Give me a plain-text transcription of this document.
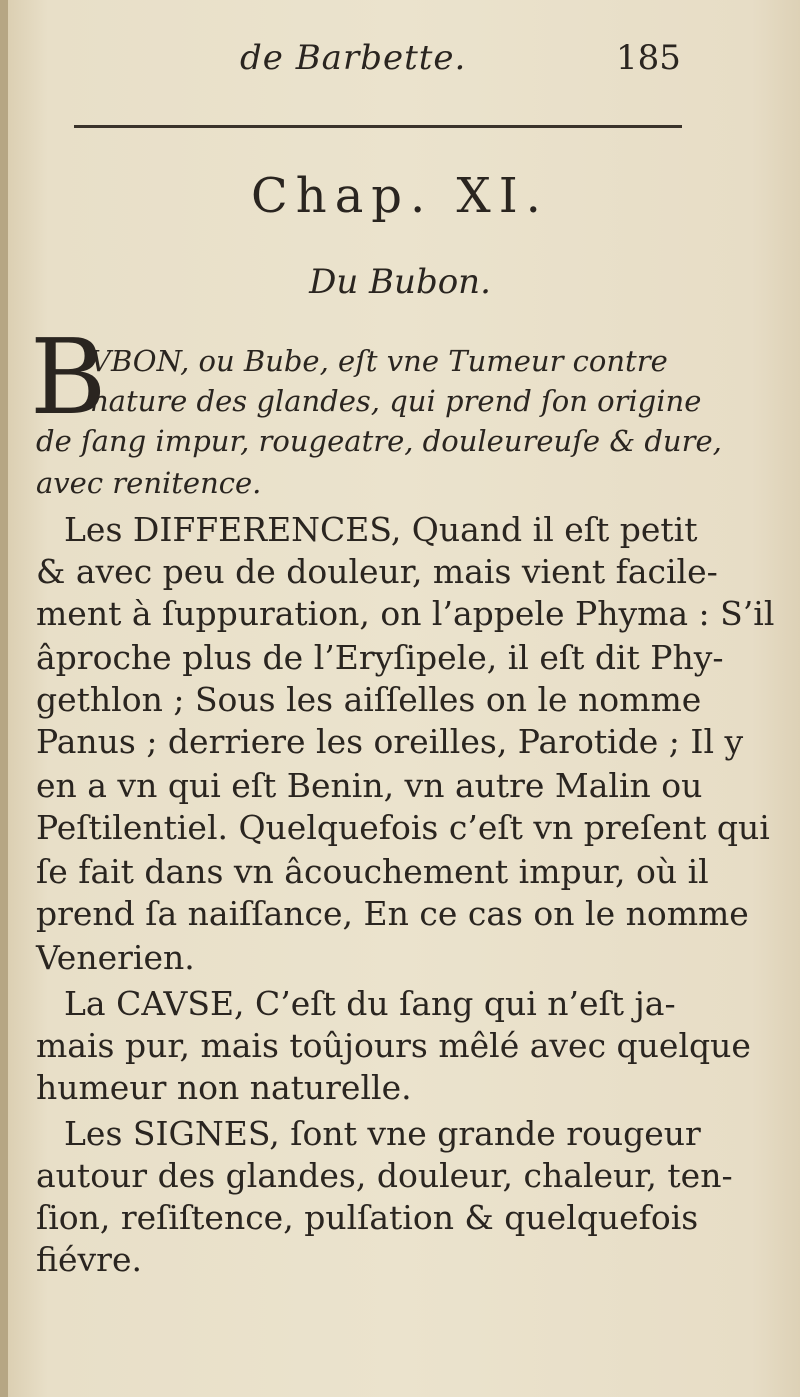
de Barbette.	185
Chap. XI.
Du Bubon.
B
VBON, ou Bube, eſt vne Tumeur contre
nature des glandes, qui prend ſon origine
de ſang impur, rougeatre, douleureuſe & dure,
avec renitence.
Les DIFFERENCES, Quand il eſt petit
& avec peu de douleur, mais vient facile-
ment à ſuppuration, on l’appele Phyma : S’il
âproche plus de l’Eryſipele, il eſt dit Phy-
gethlon ; Sous les aiſſelles on le nomme
Panus ; derriere les oreilles, Parotide ; Il y
en a vn qui eſt Benin, vn autre Malin ou
Peſtilentiel. Quelquefois c’eſt vn preſent qui
ſe fait dans vn âcouchement impur, où il
prend ſa naiſſance, En ce cas on le nomme
Venerien.
La CAVSE, C’eſt du ſang qui n’eſt ja-
mais pur, mais toûjours mêlé avec quelque
humeur non naturelle.
Les SIGNES, ſont vne grande rougeur
autour des glandes, douleur, chaleur, ten-
ſion, reſiſtence, pulſation & quelquefois
fiévre.
